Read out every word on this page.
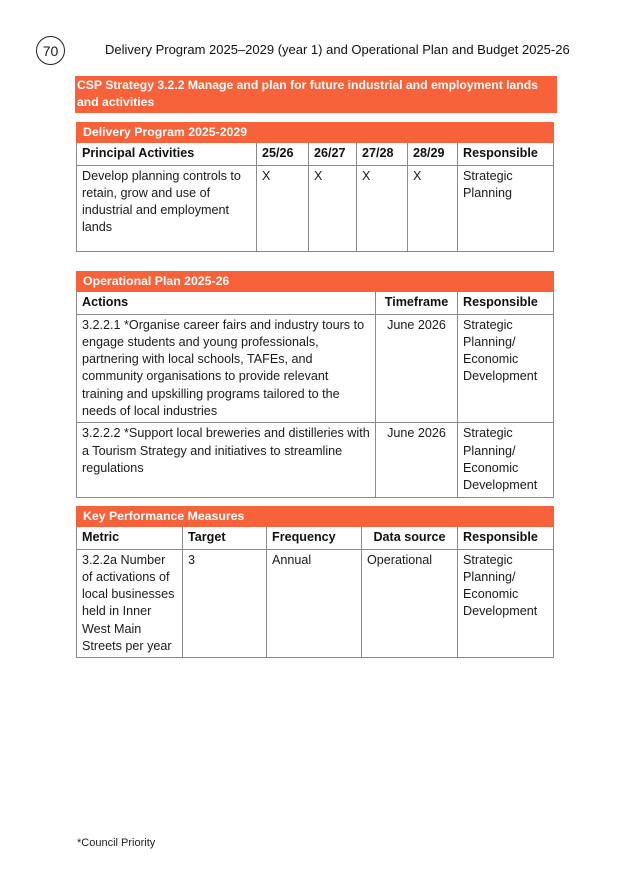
70	Delivery Program 2025–2029 (year 1) and Operational Plan and Budget 2025-26
CSP Strategy 3.2.2 Manage and plan for future industrial and employment lands and activities
Delivery Program 2025-2029					
Principal Activities	25/26	26/27	27/28	28/29	Responsible
Develop planning controls to retain, grow and use of industrial and employment lands	X	X	X	X	Strategic Planning
Operational Plan 2025-26		
Actions	Timeframe	Responsible
3.2.2.1 *Organise career fairs and industry tours to engage students and young professionals, partnering with local schools, TAFEs, and community organisations to provide relevant training and upskilling programs tailored to the needs of local industries	June 2026	Strategic Planning/ Economic Development
3.2.2.2 *Support local breweries and distilleries with a Tourism Strategy and initiatives to streamline regulations	June 2026	Strategic Planning/ Economic Development
Key Performance Measures				
Metric	Target	Frequency	Data source	Responsible
3.2.2a Number of activations of local businesses held in Inner West Main Streets per year	3	Annual	Operational	Strategic Planning/ Economic Development
*Council Priority
